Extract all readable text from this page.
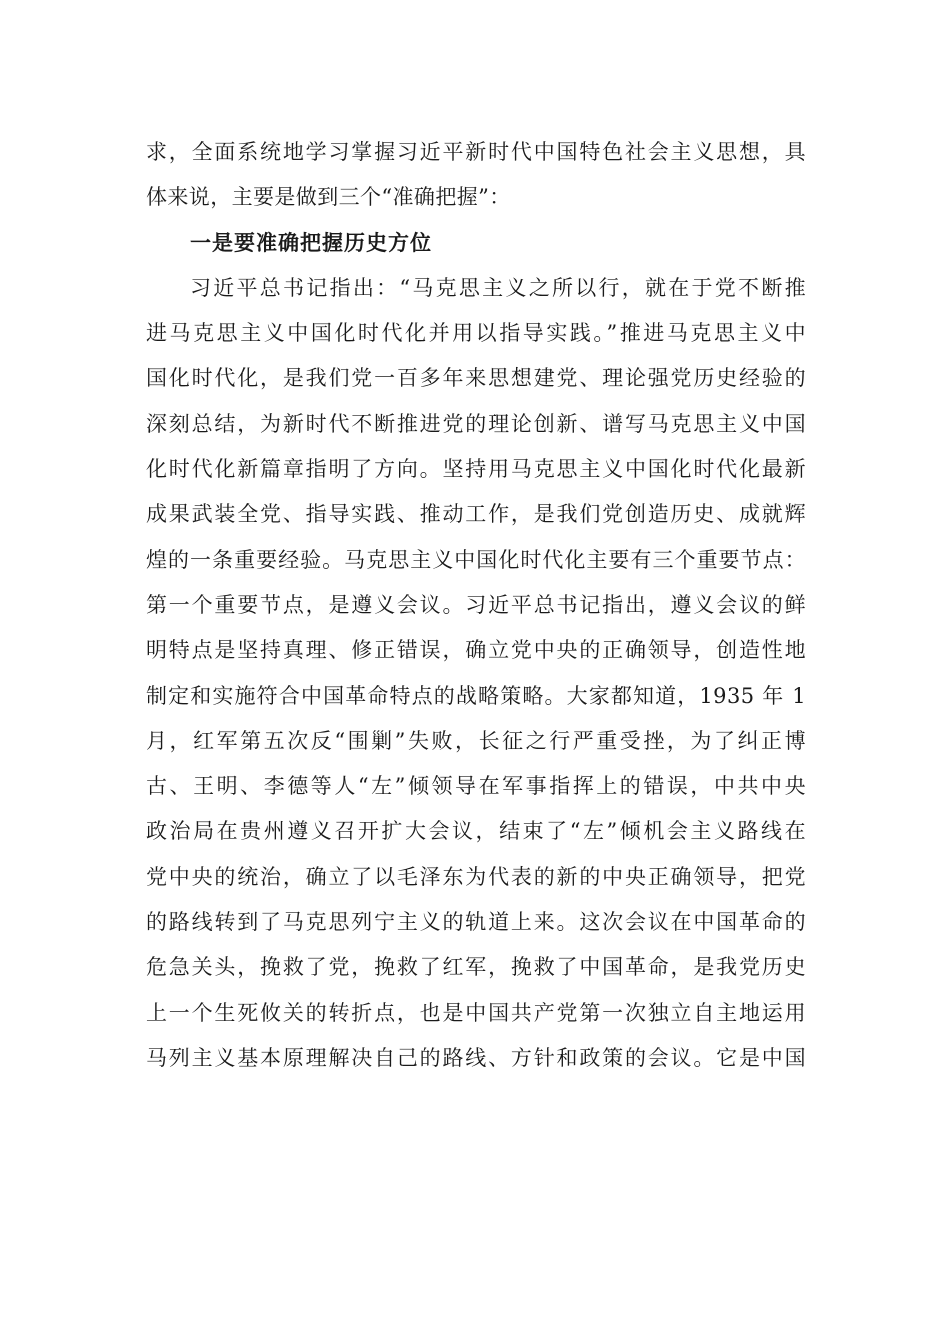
求，全面系统地学习掌握习近平新时代中国特色社会主义思想，具
体来说，主要是做到三个“准确把握”：
一是要准确把握历史方位
习近平总书记指出：“马克思主义之所以行，就在于党不断推
进马克思主义中国化时代化并用以指导实践。”推进马克思主义中
国化时代化，是我们党一百多年来思想建党、理论强党历史经验的
深刻总结，为新时代不断推进党的理论创新、谱写马克思主义中国
化时代化新篇章指明了方向。坚持用马克思主义中国化时代化最新
成果武装全党、指导实践、推动工作，是我们党创造历史、成就辉
煌的一条重要经验。马克思主义中国化时代化主要有三个重要节点：
第一个重要节点，是遵义会议。习近平总书记指出，遵义会议的鲜
明特点是坚持真理、修正错误，确立党中央的正确领导，创造性地
制定和实施符合中国革命特点的战略策略。大家都知道，1935 年 1
月，红军第五次反“围剿”失败，长征之行严重受挫，为了纠正博
古、王明、李德等人“左”倾领导在军事指挥上的错误，中共中央
政治局在贵州遵义召开扩大会议，结束了“左”倾机会主义路线在
党中央的统治，确立了以毛泽东为代表的新的中央正确领导，把党
的路线转到了马克思列宁主义的轨道上来。这次会议在中国革命的
危急关头，挽救了党，挽救了红军，挽救了中国革命，是我党历史
上一个生死攸关的转折点，也是中国共产党第一次独立自主地运用
马列主义基本原理解决自己的路线、方针和政策的会议。它是中国
